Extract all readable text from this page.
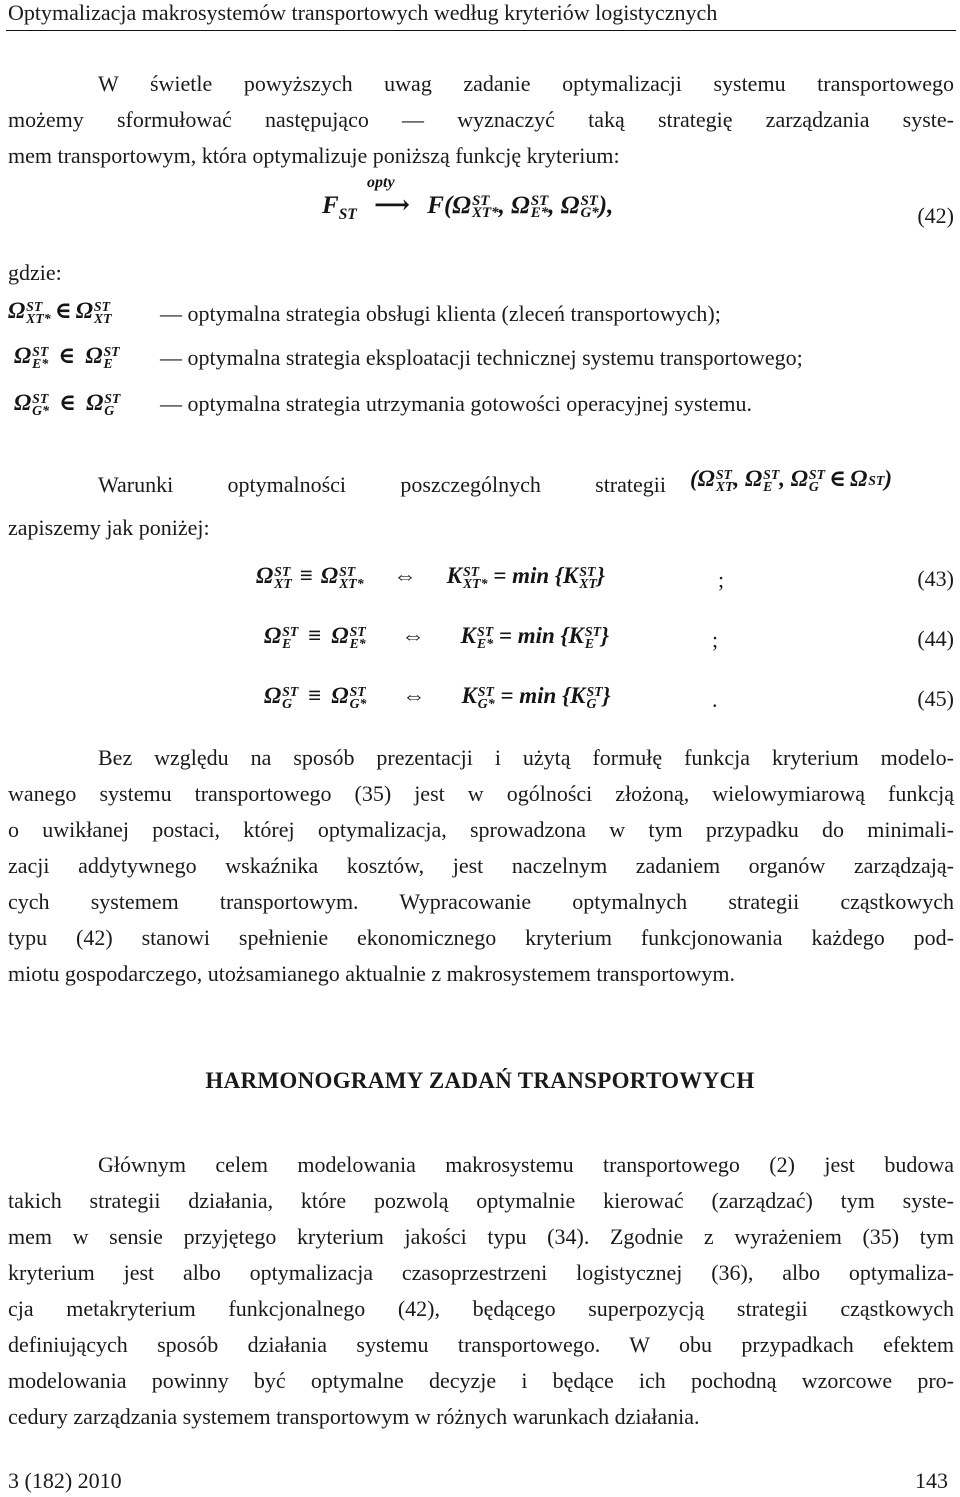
Optymalizacja makrosystemów transportowych według kryteriów logistycznych
W świetle powyższych uwag zadanie optymalizacji systemu transportowego
możemy sformułować następująco — wyznaczyć taką strategię zarządzania syste-
mem transportowym, która optymalizuje poniższą funkcję kryterium:
$F_{ST}$
opty
⟶ F(Ω ST
XT* , Ω ST
E* , Ω ST
G* ),	(42)
gdzie:
Ω ST
XT* ∈ Ω ST
XT — optymalna strategia obsługi klienta (zleceń transportowych);
Ω ST
E* ∈ Ω ST
E	— optymalna strategia eksploatacji technicznej systemu transportowego;
Ω ST
G* ∈ Ω ST
G — optymalna strategia utrzymania gotowości operacyjnej systemu.
Warunki optymalności poszczególnych strategii (Ω ST
XT , Ω ST
E , Ω ST
G ∈ Ω ST )
zapiszemy jak poniżej:
Ω ST
XT ≡ Ω ST
XT* ⇔ K ST
XT* = min {K ST
XT }	;	(43)
Ω ST
E ≡ Ω ST
E* ⇔ K ST
E* = min {K ST
E }	;	(44)
Ω ST
G ≡ Ω ST
G* ⇔ K ST
G* = min {K ST
G }	.	(45)
Bez względu na sposób prezentacji i użytą formułę funkcja kryterium modelo-
wanego systemu transportowego (35) jest w ogólności złożoną, wielowymiarową funkcją
o uwikłanej postaci, której optymalizacja, sprowadzona w tym przypadku do minimali-
zacji addytywnego wskaźnika kosztów, jest naczelnym zadaniem organów zarządzają-
cych systemem transportowym. Wypracowanie optymalnych strategii cząstkowych
typu (42) stanowi spełnienie ekonomicznego kryterium funkcjonowania każdego pod-
miotu gospodarczego, utożsamianego aktualnie z makrosystemem transportowym.
HARMONOGRAMY ZADAŃ TRANSPORTOWYCH
Głównym celem modelowania makrosystemu transportowego (2) jest budowa
takich strategii działania, które pozwolą optymalnie kierować (zarządzać) tym syste-
mem w sensie przyjętego kryterium jakości typu (34). Zgodnie z wyrażeniem (35) tym
kryterium jest albo optymalizacja czasoprzestrzeni logistycznej (36), albo optymaliza-
cja metakryterium funkcjonalnego (42), będącego superpozycją strategii cząstkowych
definiujących sposób działania systemu transportowego. W obu przypadkach efektem
modelowania powinny być optymalne decyzje i będące ich pochodną wzorcowe pro-
cedury zarządzania systemem transportowym w różnych warunkach działania.
3 (182) 2010	143
